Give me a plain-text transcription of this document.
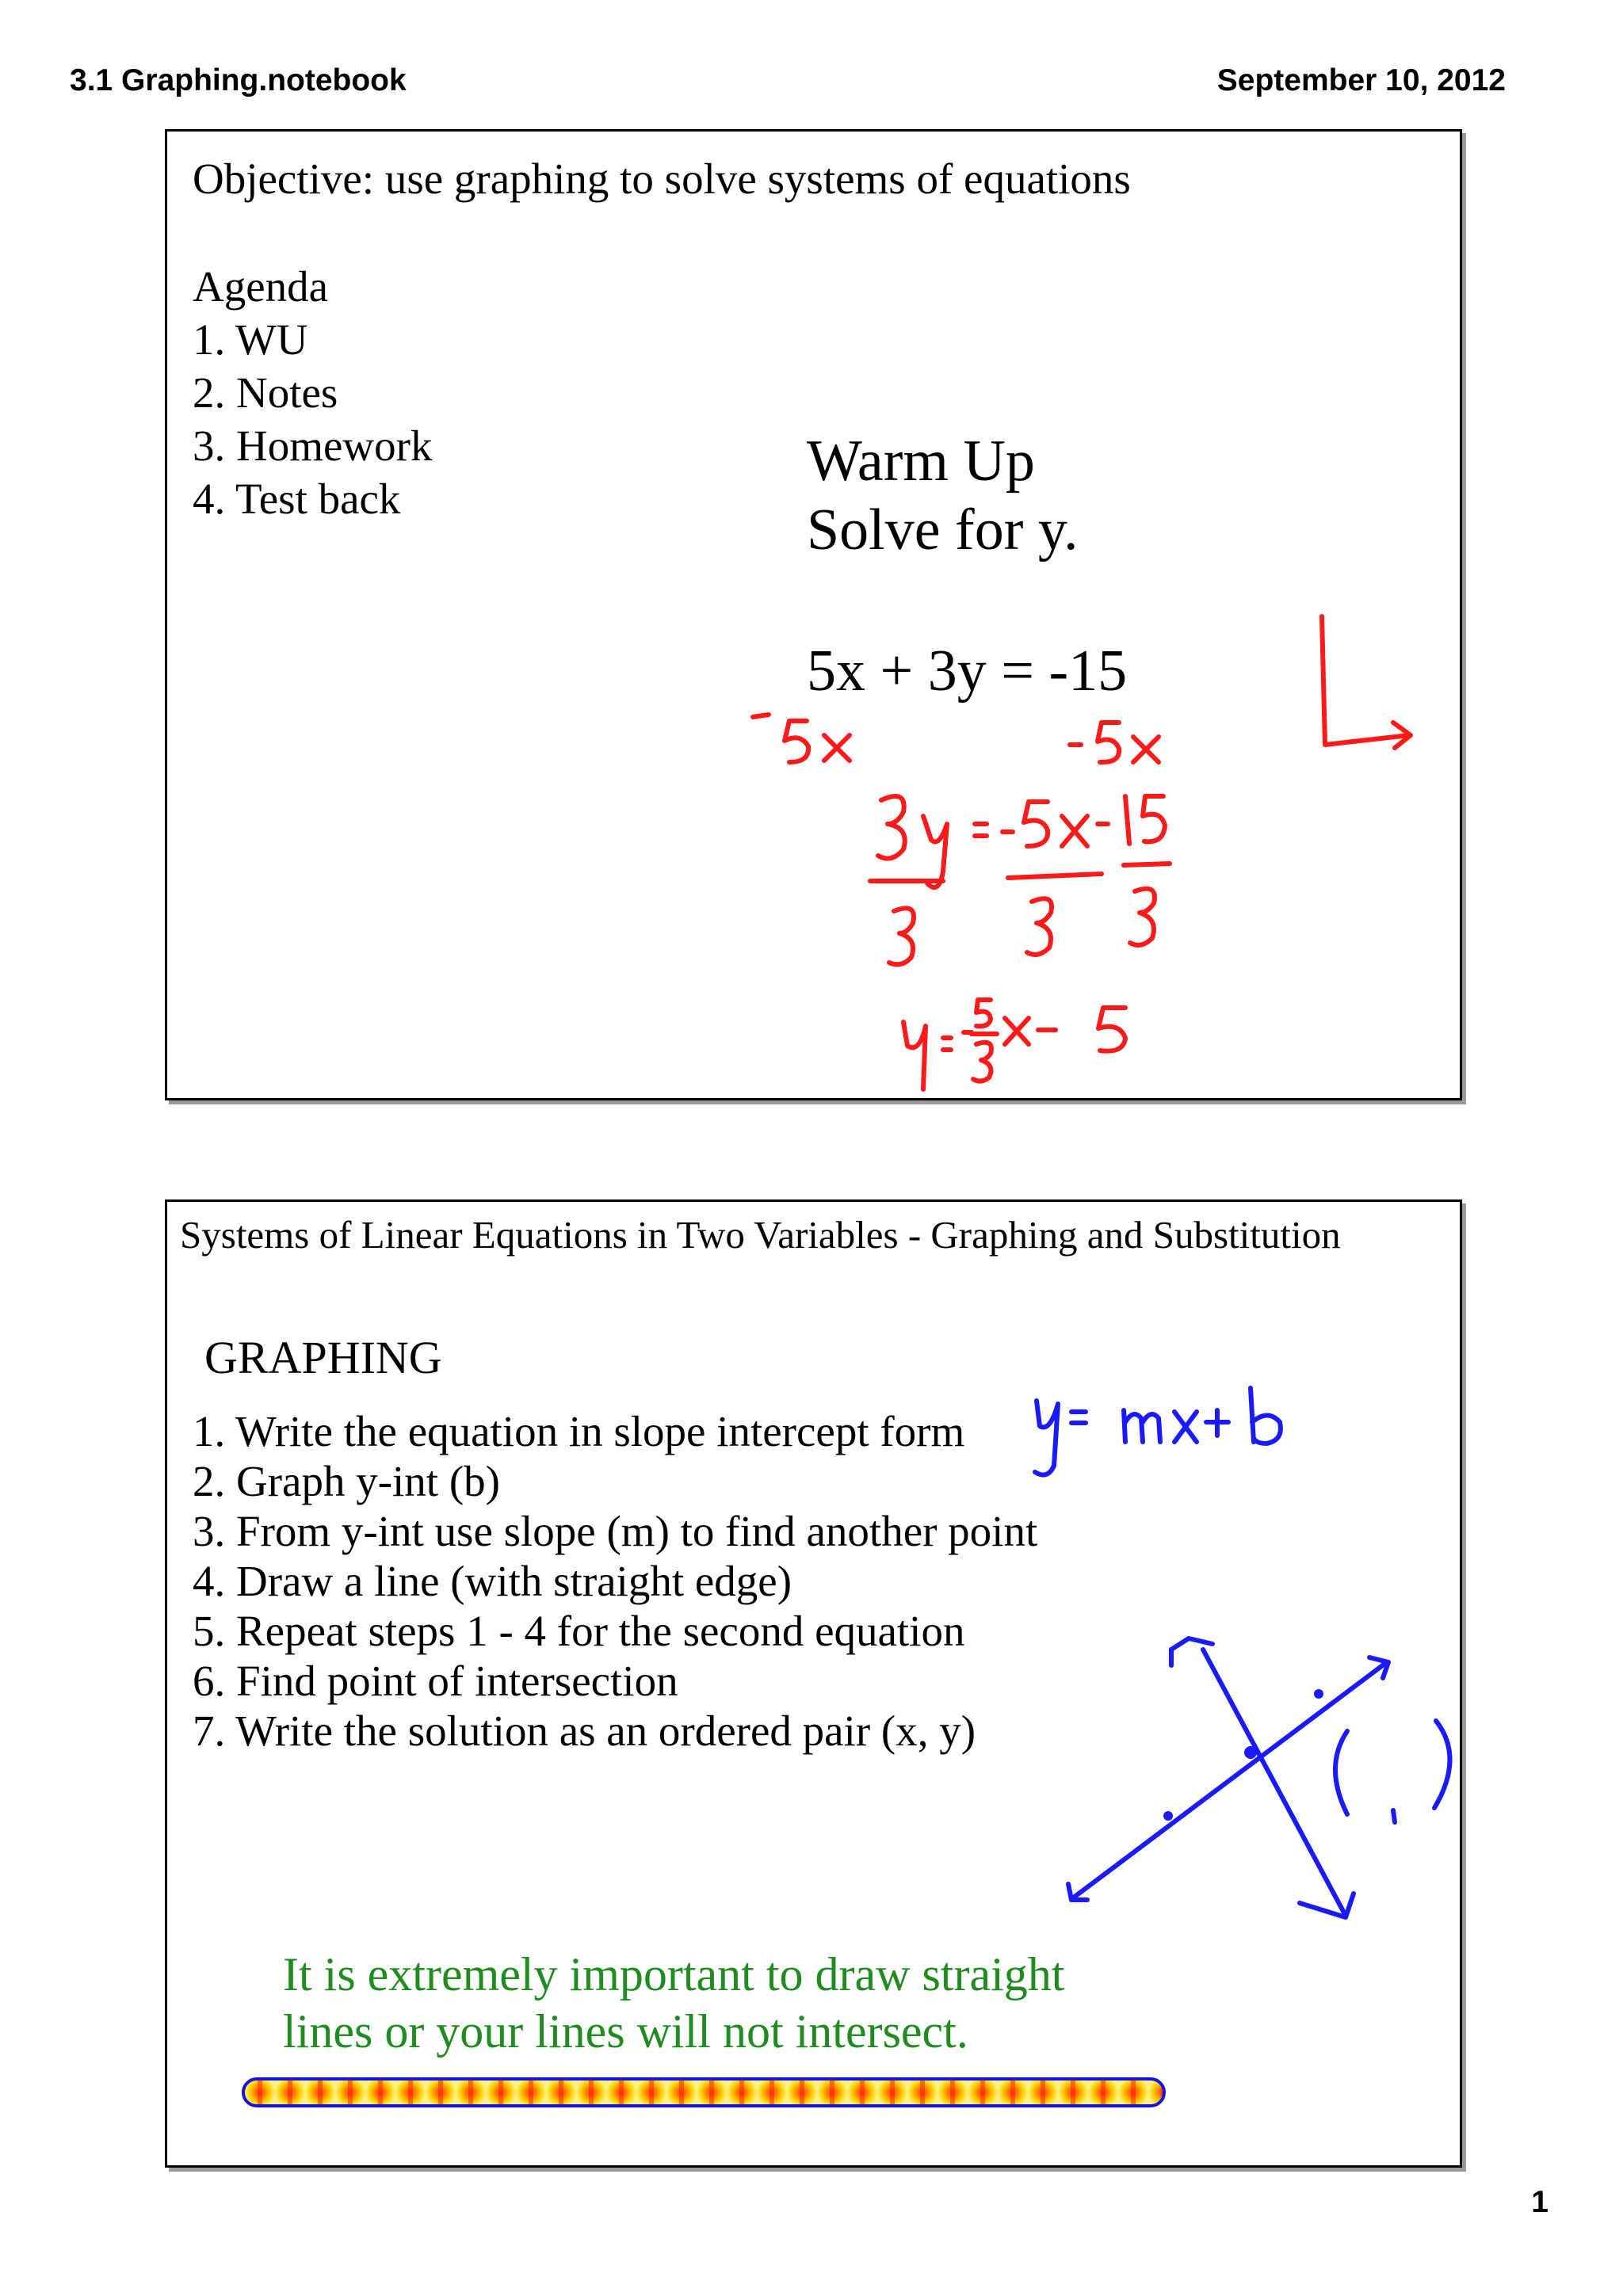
3.1 Graphing.notebook	September 10, 2012
Objective: use graphing to solve systems of equations
Agenda
1. WU
2. Notes
3. Homework
4. Test back
Warm Up
Solve for y.
5x + 3y = -15
Systems of Linear Equations in Two Variables - Graphing and Substitution
GRAPHING
1. Write the equation in slope intercept form
2. Graph y-int (b)
3. From y-int use slope (m) to find another point
4. Draw a line (with straight edge)
5. Repeat steps 1 - 4 for the second equation
6. Find point of intersection
7. Write the solution as an ordered pair (x, y)
It is extremely important to draw straight
lines or your lines will not intersect.
1
